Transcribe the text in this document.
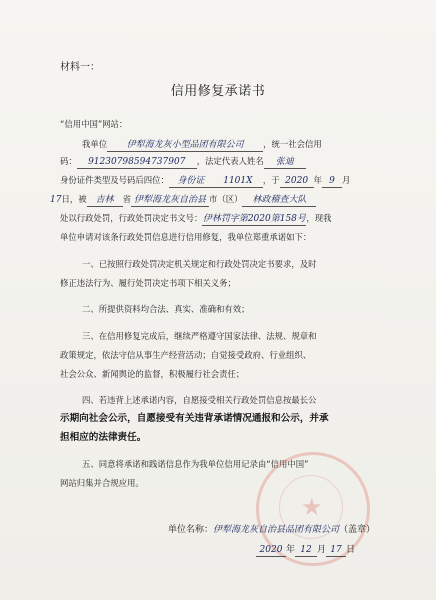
材料一：
信用修复承诺书
“信用中国”网站：
我单位 伊犁海龙灰小型品团有限公司 ，统一社会信用
码： 91230798594737907 ，法定代表人姓名 张迪
身份证件类型及号码后四位： 身份证 1101X ，于 2020 年 9 月
17日，被 吉林 省 伊犁海龙灰自治县 市（区） 林政稽查大队
处以行政处罚，行政处罚决定书文号：伊林罚字第2020第158号，现我
单位申请对该条行政处罚信息进行信用修复，我单位郑重承诺如下：
一、已按照行政处罚决定机关规定和行政处罚决定书要求，及时
修正违法行为、履行处罚决定书项下相关义务；
二、所提供资料均合法、真实、准确和有效；
三、在信用修复完成后，继续严格遵守国家法律、法规、规章和
政策规定，依法守信从事生产经营活动；自觉接受政府、行业组织、
社会公众、新闻舆论的监督，积极履行社会责任；
四、若违背上述承诺内容，自愿接受相关行政处罚信息按最长公
示期向社会公示，自愿接受有关违背承诺情况通报和公示，并承
担相应的法律责任。
五、同意将承诺和践诺信息作为我单位信用记录由“信用中国”
网站归集并合规应用。
★
单位名称：伊犁海龙灰自治县品团有限公司（盖章）
2020 年 12 月 17 日
